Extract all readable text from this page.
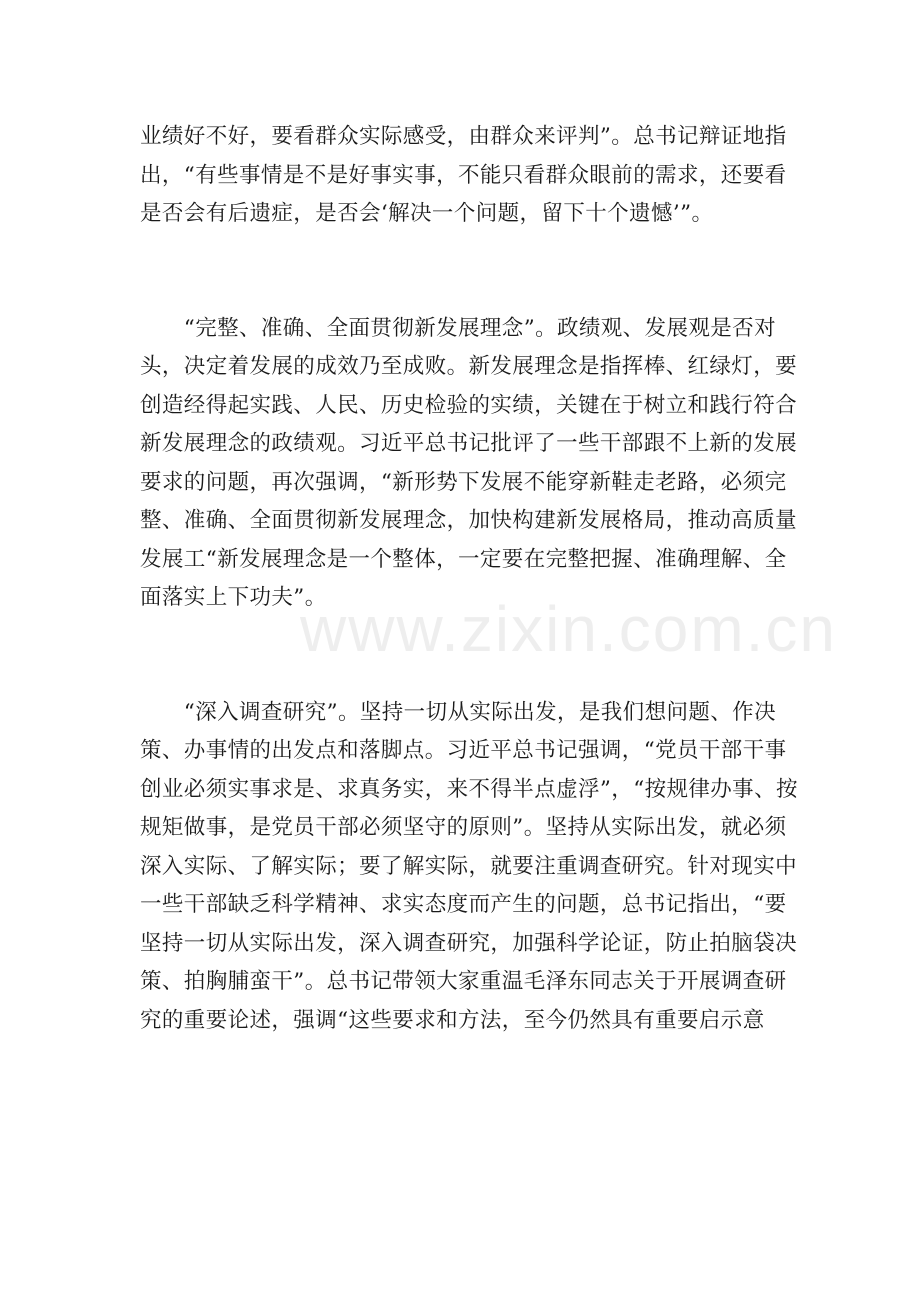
www.zixin.com.cn

业绩好不好，要看群众实际感受，由群众来评判”。总书记辩证地指
出，“有些事情是不是好事实事，不能只看群众眼前的需求，还要看
是否会有后遗症，是否会‘解决一个问题，留下十个遗憾’”。

　　“完整、准确、全面贯彻新发展理念”。政绩观、发展观是否对
头，决定着发展的成效乃至成败。新发展理念是指挥棒、红绿灯，要
创造经得起实践、人民、历史检验的实绩，关键在于树立和践行符合
新发展理念的政绩观。习近平总书记批评了一些干部跟不上新的发展
要求的问题，再次强调，“新形势下发展不能穿新鞋走老路，必须完
整、准确、全面贯彻新发展理念，加快构建新发展格局，推动高质量
发展工“新发展理念是一个整体，一定要在完整把握、准确理解、全
面落实上下功夫”。

　　“深入调查研究”。坚持一切从实际出发，是我们想问题、作决
策、办事情的出发点和落脚点。习近平总书记强调，“党员干部干事
创业必须实事求是、求真务实，来不得半点虚浮”，“按规律办事、按
规矩做事，是党员干部必须坚守的原则”。坚持从实际出发，就必须
深入实际、了解实际；要了解实际，就要注重调查研究。针对现实中
一些干部缺乏科学精神、求实态度而产生的问题，总书记指出，“要
坚持一切从实际出发，深入调查研究，加强科学论证，防止拍脑袋决
策、拍胸脯蛮干”。总书记带领大家重温毛泽东同志关于开展调查研
究的重要论述，强调“这些要求和方法，至今仍然具有重要启示意
